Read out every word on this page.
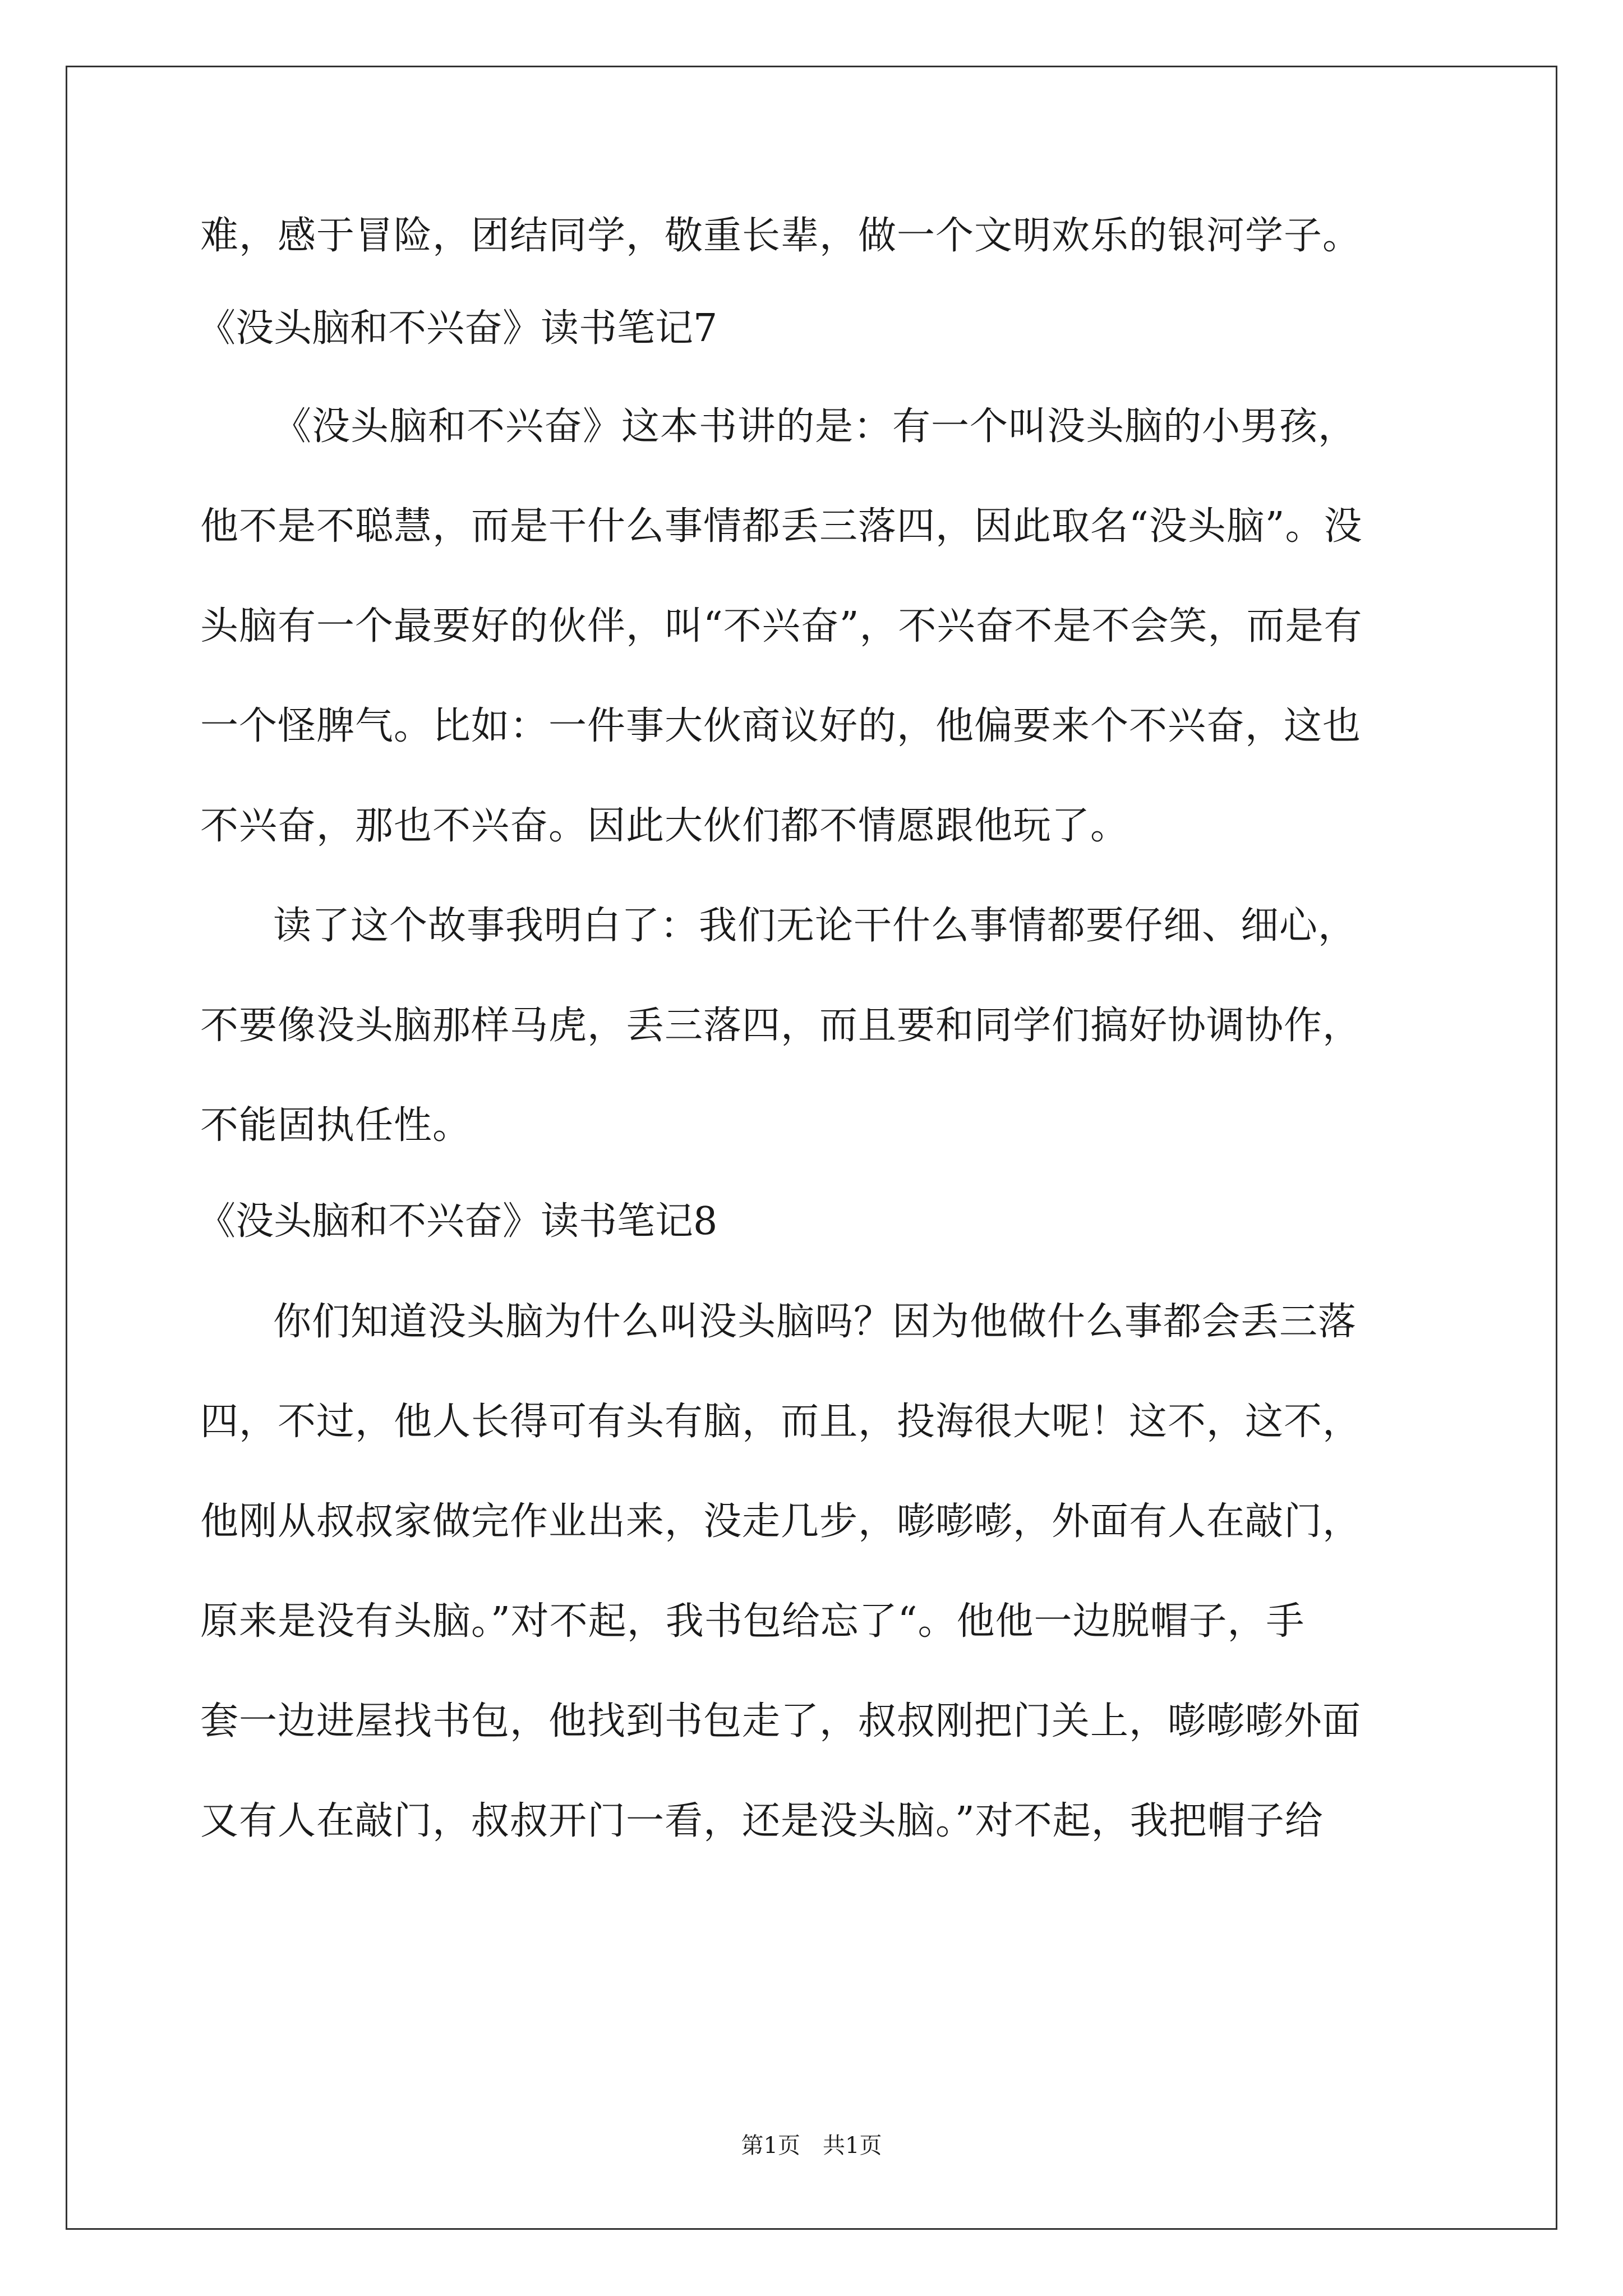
难，感于冒险，团结同学，敬重长辈，做一个文明欢乐的银河学子。
《没头脑和不兴奋》读书笔记7
《没头脑和不兴奋》这本书讲的是：有一个叫没头脑的小男孩，
他不是不聪慧，而是干什么事情都丢三落四，因此取名“没头脑”。没
头脑有一个最要好的伙伴，叫“不兴奋”，不兴奋不是不会笑，而是有
一个怪脾气。比如：一件事大伙商议好的，他偏要来个不兴奋，这也
不兴奋，那也不兴奋。因此大伙们都不情愿跟他玩了。
读了这个故事我明白了：我们无论干什么事情都要仔细、细心，
不要像没头脑那样马虎，丢三落四，而且要和同学们搞好协调协作，
不能固执任性。
《没头脑和不兴奋》读书笔记8
你们知道没头脑为什么叫没头脑吗？因为他做什么事都会丢三落
四，不过，他人长得可有头有脑，而且，投海很大呢！这不，这不，
他刚从叔叔家做完作业出来，没走几步，嘭嘭嘭，外面有人在敲门，
原来是没有头脑。”对不起，我书包给忘了“。他他一边脱帽子，手
套一边进屋找书包，他找到书包走了，叔叔刚把门关上，嘭嘭嘭外面
又有人在敲门，叔叔开门一看，还是没头脑。”对不起，我把帽子给
第1页　共1页
